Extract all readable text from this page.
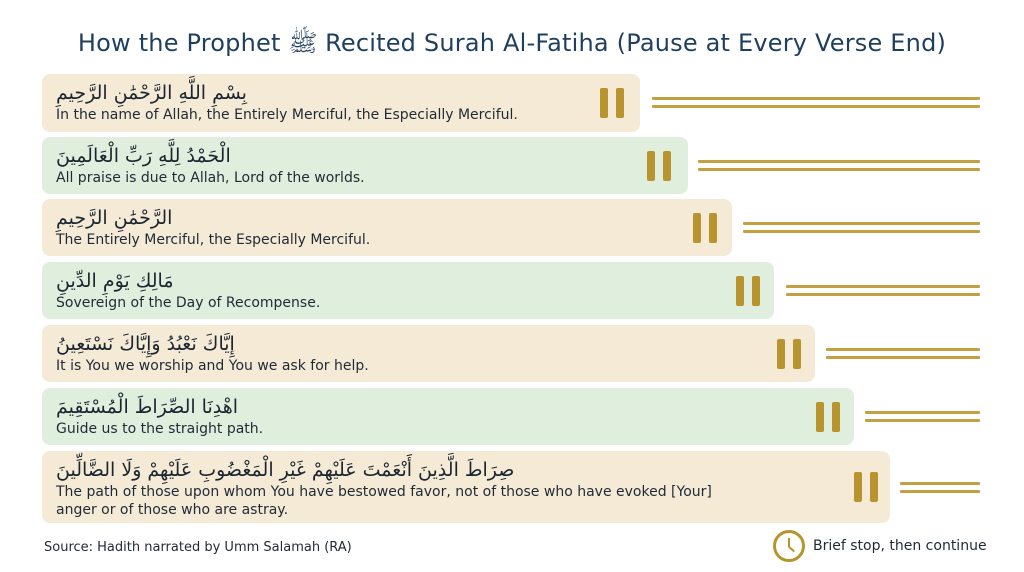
How the Prophet ﷺ Recited Surah Al-Fatiha (Pause at Every Verse End)
بِسْمِ اللَّهِ الرَّحْمَٰنِ الرَّحِيمِ
In the name of Allah, the Entirely Merciful, the Especially Merciful.
الْحَمْدُ لِلَّهِ رَبِّ الْعَالَمِينَ
All praise is due to Allah, Lord of the worlds.
الرَّحْمَٰنِ الرَّحِيمِ
The Entirely Merciful, the Especially Merciful.
مَالِكِ يَوْمِ الدِّينِ
Sovereign of the Day of Recompense.
إِيَّاكَ نَعْبُدُ وَإِيَّاكَ نَسْتَعِينُ
It is You we worship and You we ask for help.
اهْدِنَا الصِّرَاطَ الْمُسْتَقِيمَ
Guide us to the straight path.
صِرَاطَ الَّذِينَ أَنْعَمْتَ عَلَيْهِمْ غَيْرِ الْمَغْضُوبِ عَلَيْهِمْ وَلَا الضَّالِّينَ
The path of those upon whom You have bestowed favor, not of those who have evoked [Your] anger or of those who are astray.
Source: Hadith narrated by Umm Salamah (RA)	Brief stop, then continue
